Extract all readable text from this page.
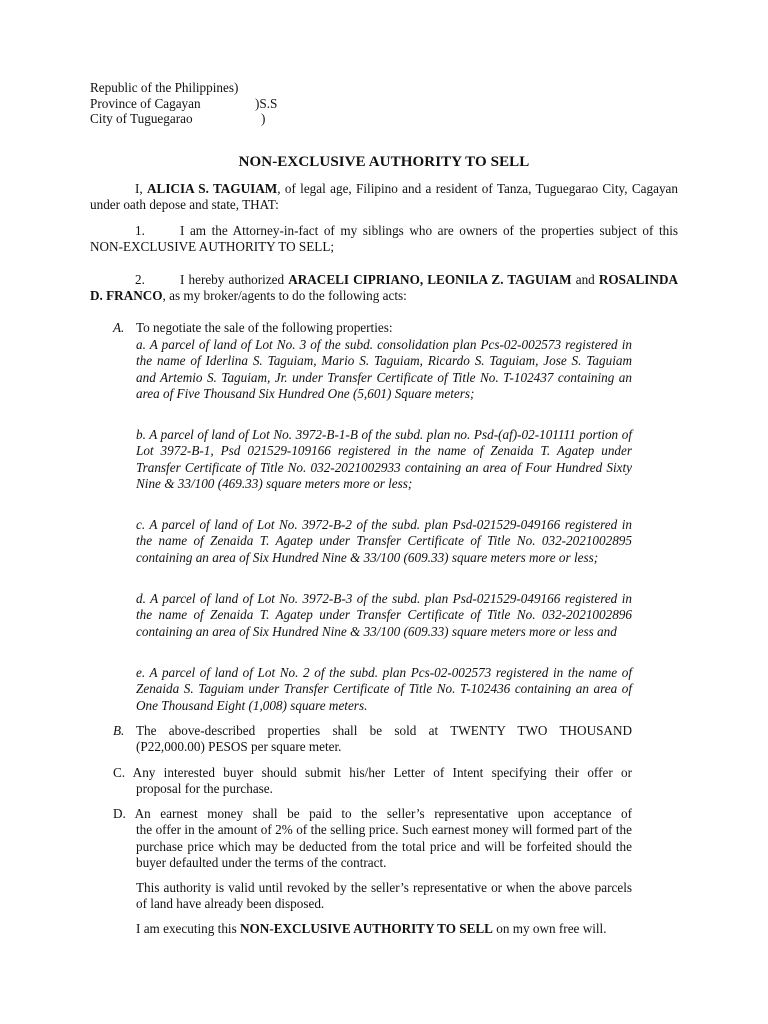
Republic of the Philippines)
Province of Cagayan	)S.S
City of Tuguegarao	)
NON-EXCLUSIVE AUTHORITY TO SELL
I, ALICIA S. TAGUIAM, of legal age, Filipino and a resident of Tanza, Tuguegarao City, Cagayan under oath depose and state, THAT:
1.	I am the Attorney-in-fact of my siblings who are owners of the properties subject of this NON-EXCLUSIVE AUTHORITY TO SELL;
2.	I hereby authorized ARACELI CIPRIANO, LEONILA Z. TAGUIAM and ROSALINDA D. FRANCO, as my broker/agents to do the following acts:
A. To negotiate the sale of the following properties:
a. A parcel of land of Lot No. 3 of the subd. consolidation plan Pcs-02-002573 registered in the name of Iderlina S. Taguiam, Mario S. Taguiam, Ricardo S. Taguiam, Jose S. Taguiam and Artemio S. Taguiam, Jr. under Transfer Certificate of Title No. T-102437 containing an area of Five Thousand Six Hundred One (5,601) Square meters;
b. A parcel of land of Lot No. 3972-B-1-B of the subd. plan no. Psd-(af)-02-101111 portion of Lot 3972-B-1, Psd 021529-109166 registered in the name of Zenaida T. Agatep under Transfer Certificate of Title No. 032-2021002933 containing an area of Four Hundred Sixty Nine & 33/100 (469.33) square meters more or less;
c. A parcel of land of Lot No. 3972-B-2 of the subd. plan Psd-021529-049166 registered in the name of Zenaida T. Agatep under Transfer Certificate of Title No. 032-2021002895 containing an area of Six Hundred Nine & 33/100 (609.33) square meters more or less;
d. A parcel of land of Lot No. 3972-B-3 of the subd. plan Psd-021529-049166 registered in the name of Zenaida T. Agatep under Transfer Certificate of Title No. 032-2021002896 containing an area of Six Hundred Nine & 33/100 (609.33) square meters more or less and
e. A parcel of land of Lot No. 2 of the subd. plan Pcs-02-002573 registered in the name of Zenaida S. Taguiam under Transfer Certificate of Title No. T-102436 containing an area of One Thousand Eight (1,008) square meters.
B. The above-described properties shall be sold at TWENTY TWO THOUSAND
(P22,000.00) PESOS per square meter.
C. Any interested buyer should submit his/her Letter of Intent specifying their offer or
proposal for the purchase.
D. An earnest money shall be paid to the seller’s representative upon acceptance of
the offer in the amount of 2% of the selling price. Such earnest money will formed part of the purchase price which may be deducted from the total price and will be forfeited should the buyer defaulted under the terms of the contract.
This authority is valid until revoked by the seller’s representative or when the above parcels of land have already been disposed.
I am executing this NON-EXCLUSIVE AUTHORITY TO SELL on my own free will.
